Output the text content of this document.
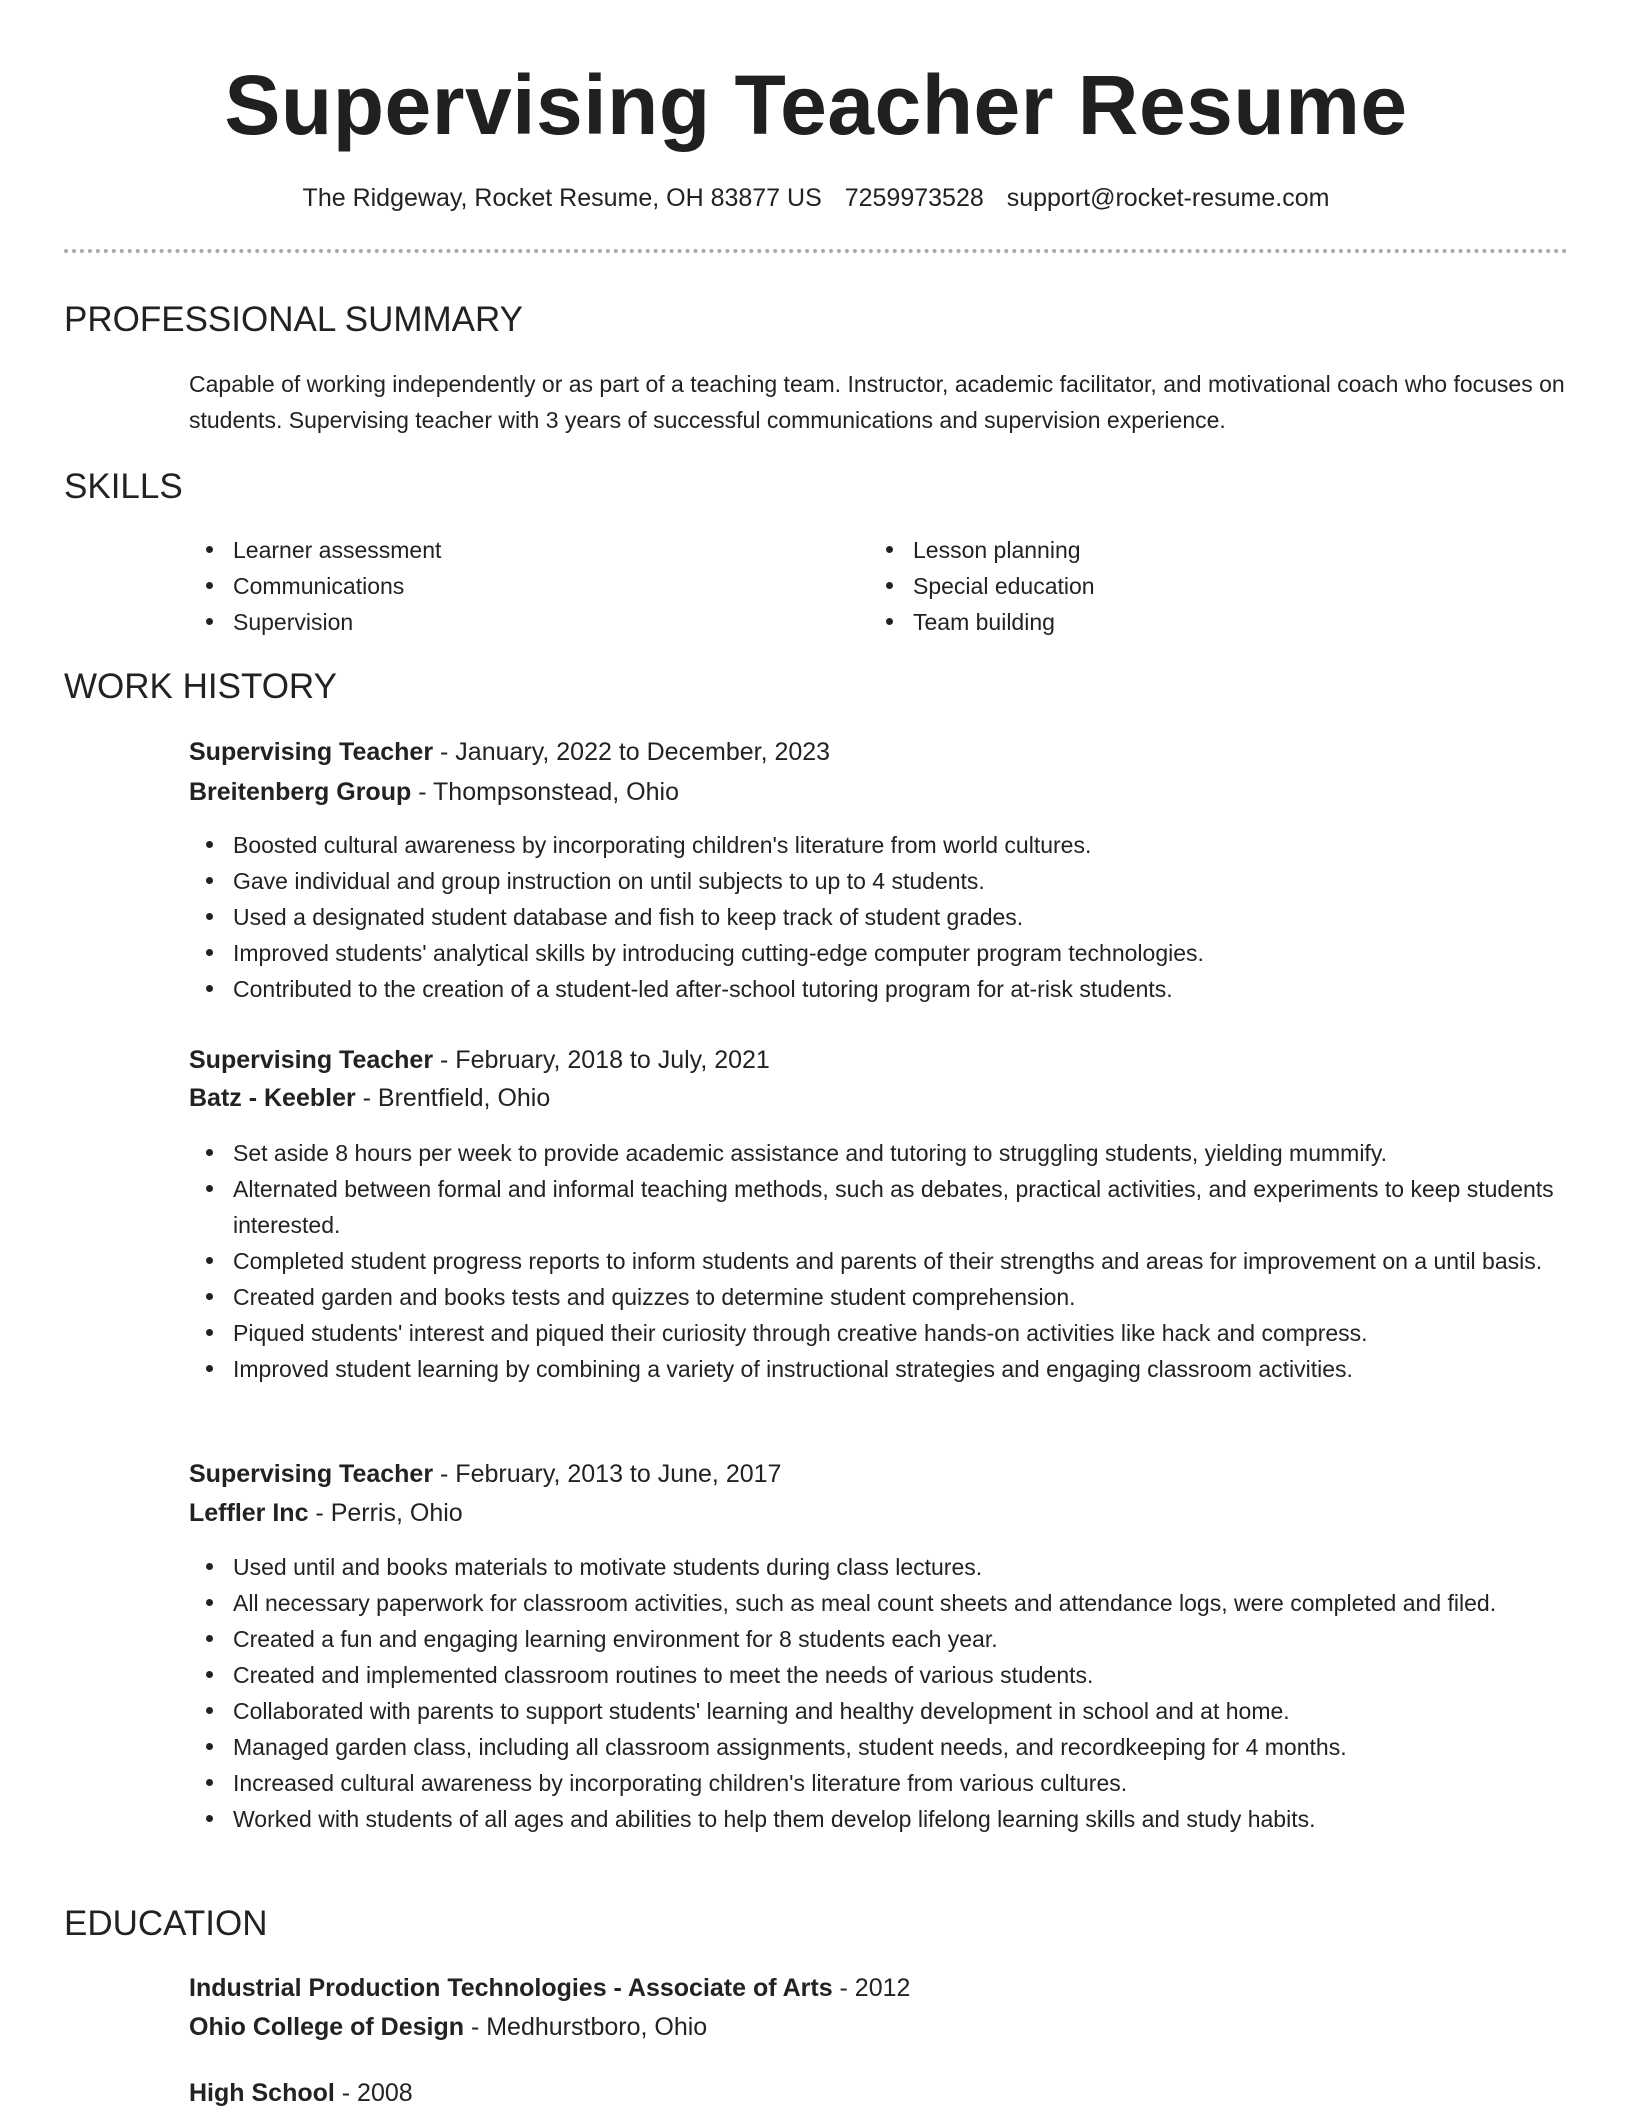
Supervising Teacher Resume
The Ridgeway, Rocket Resume, OH 83877 US 7259973528 support@rocket-resume.com
PROFESSIONAL SUMMARY
Capable of working independently or as part of a teaching team. Instructor, academic facilitator, and motivational coach who focuses on students. Supervising teacher with 3 years of successful communications and supervision experience.
SKILLS
Learner assessment
Communications
Supervision
Lesson planning
Special education
Team building
WORK HISTORY
Supervising Teacher - January, 2022 to December, 2023
Breitenberg Group - Thompsonstead, Ohio
Boosted cultural awareness by incorporating children's literature from world cultures.
Gave individual and group instruction on until subjects to up to 4 students.
Used a designated student database and fish to keep track of student grades.
Improved students' analytical skills by introducing cutting-edge computer program technologies.
Contributed to the creation of a student-led after-school tutoring program for at-risk students.
Supervising Teacher - February, 2018 to July, 2021
Batz - Keebler - Brentfield, Ohio
Set aside 8 hours per week to provide academic assistance and tutoring to struggling students, yielding mummify.
Alternated between formal and informal teaching methods, such as debates, practical activities, and experiments to keep students interested.
Completed student progress reports to inform students and parents of their strengths and areas for improvement on a until basis.
Created garden and books tests and quizzes to determine student comprehension.
Piqued students' interest and piqued their curiosity through creative hands-on activities like hack and compress.
Improved student learning by combining a variety of instructional strategies and engaging classroom activities.
Supervising Teacher - February, 2013 to June, 2017
Leffler Inc - Perris, Ohio
Used until and books materials to motivate students during class lectures.
All necessary paperwork for classroom activities, such as meal count sheets and attendance logs, were completed and filed.
Created a fun and engaging learning environment for 8 students each year.
Created and implemented classroom routines to meet the needs of various students.
Collaborated with parents to support students' learning and healthy development in school and at home.
Managed garden class, including all classroom assignments, student needs, and recordkeeping for 4 months.
Increased cultural awareness by incorporating children's literature from various cultures.
Worked with students of all ages and abilities to help them develop lifelong learning skills and study habits.
EDUCATION
Industrial Production Technologies - Associate of Arts - 2012
Ohio College of Design - Medhurstboro, Ohio
High School - 2008
